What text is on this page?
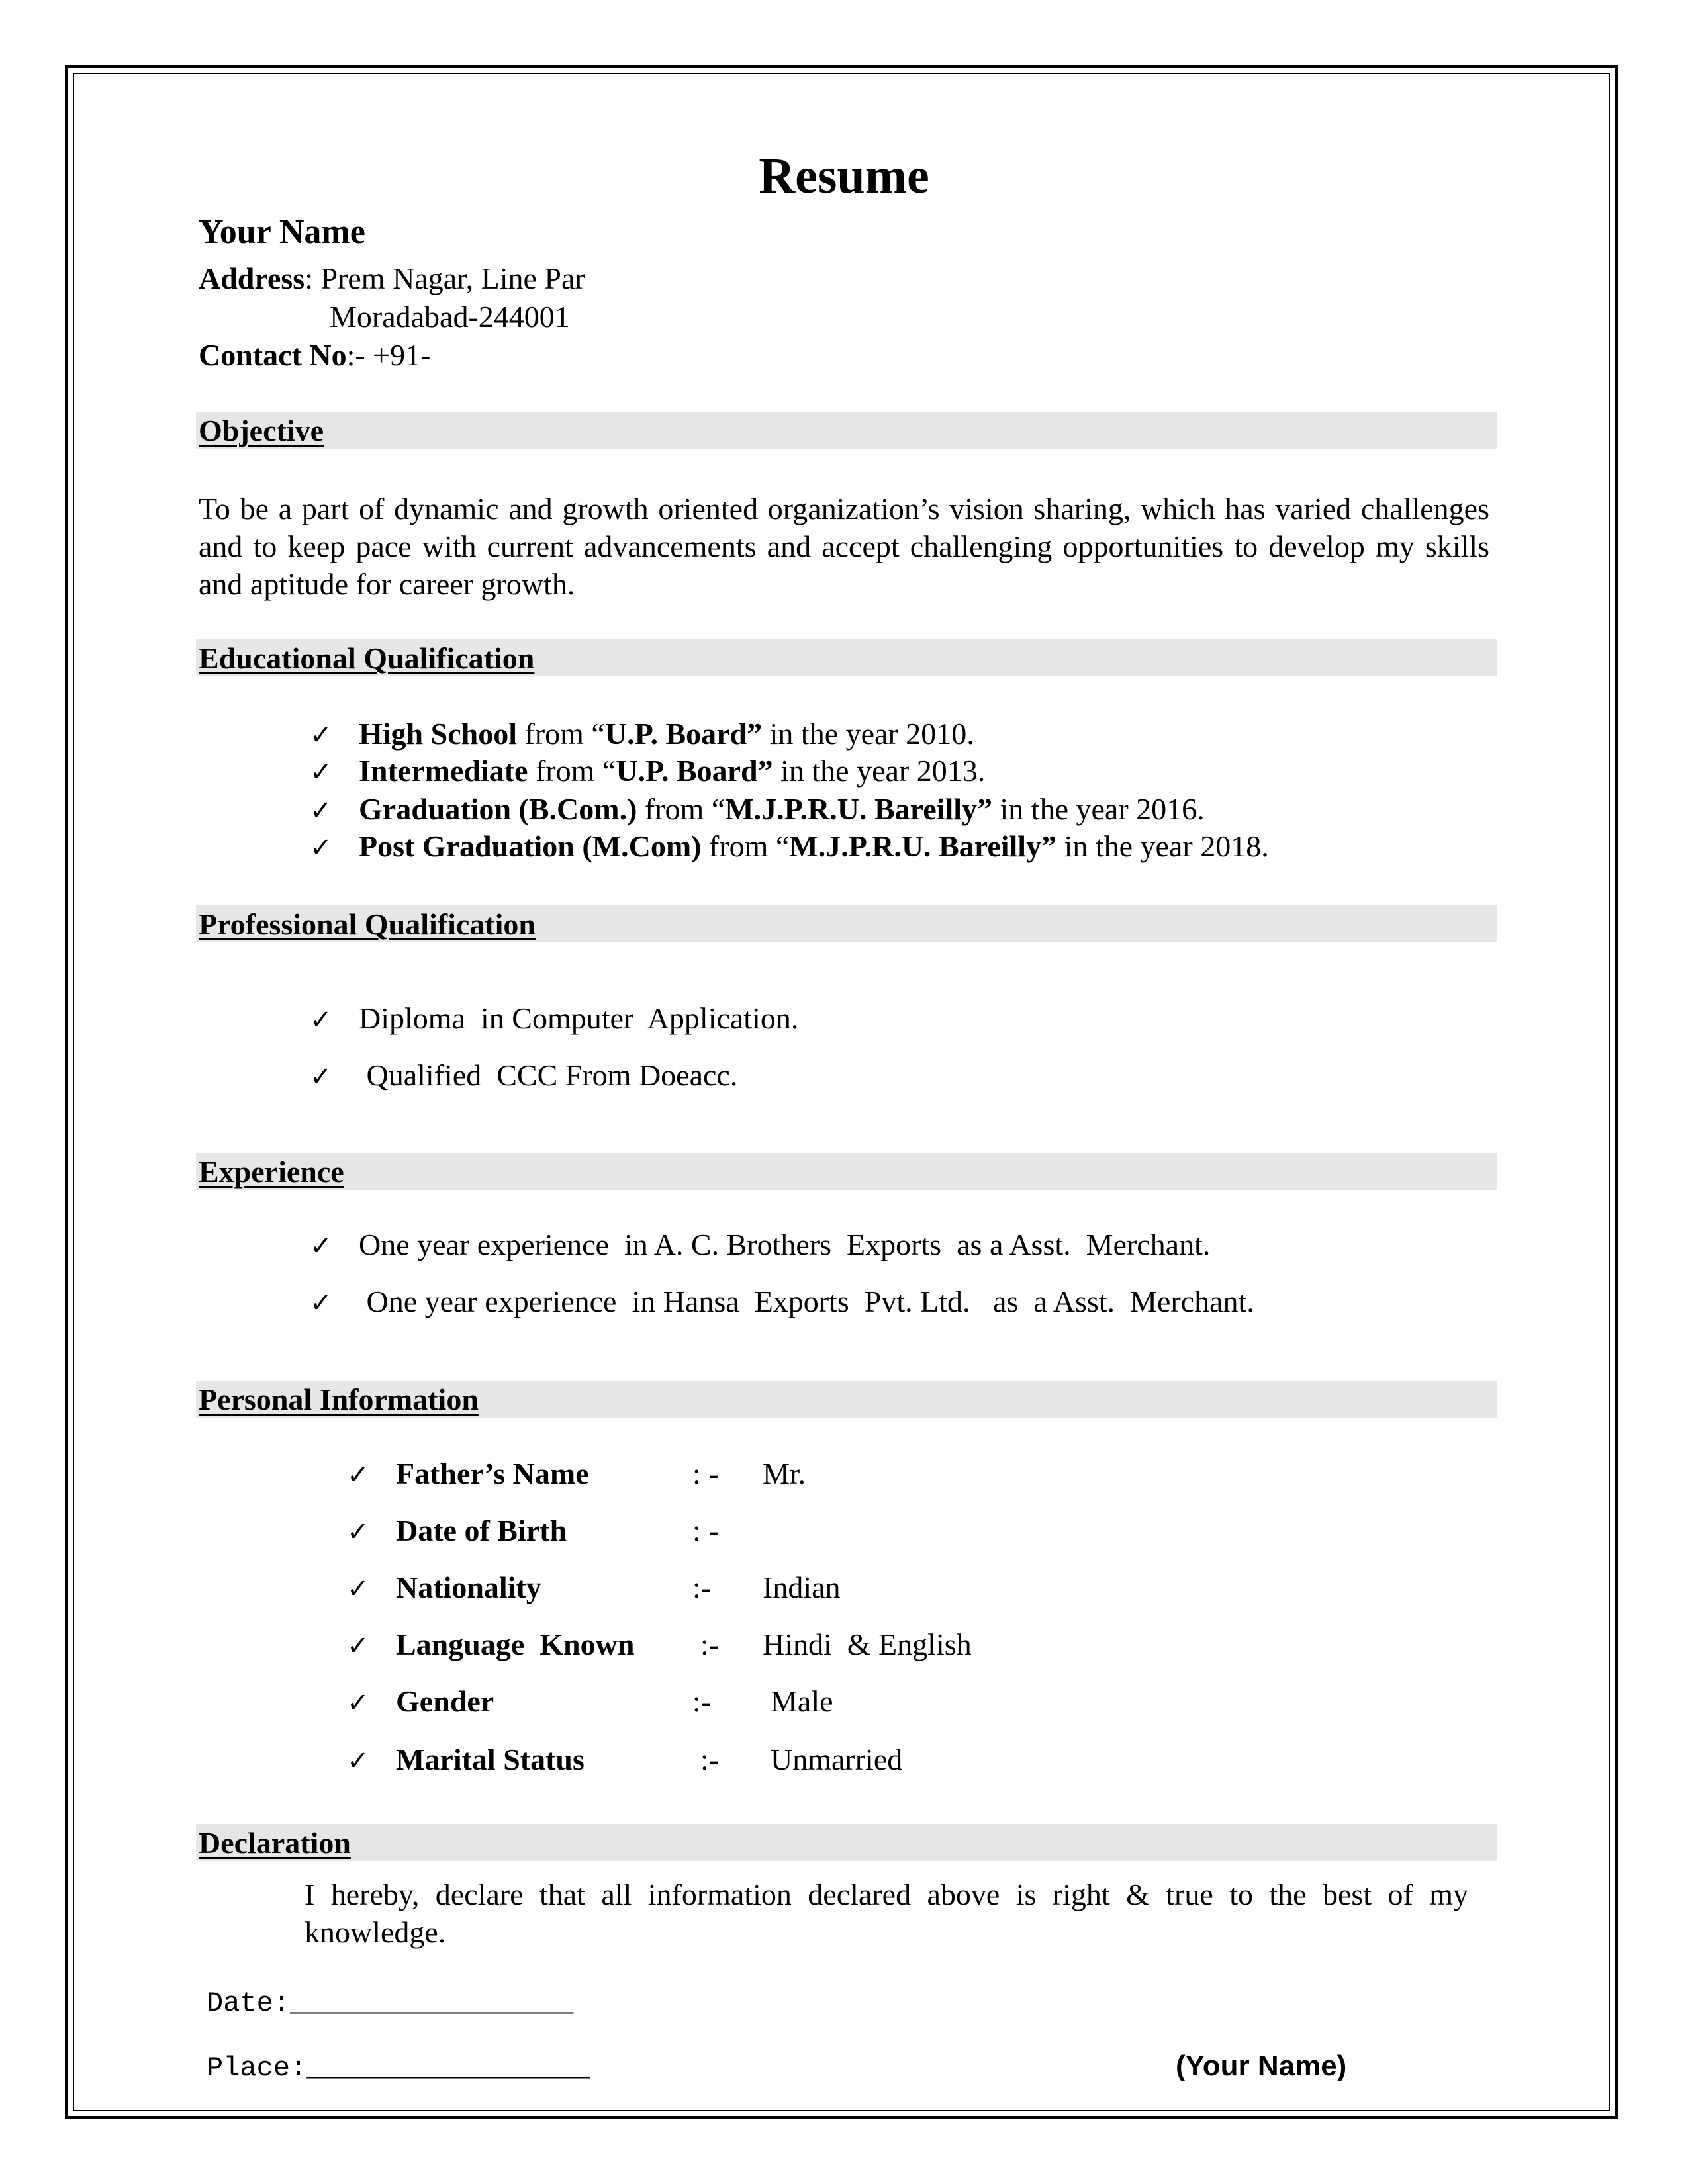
Resume
Your Name
Address: Prem Nagar, Line Par
Moradabad-244001
Contact No:- +91-
Objective
To be a part of dynamic and growth oriented organization’s vision sharing, which has varied challenges and to keep pace with current advancements and accept challenging opportunities to develop my skills and aptitude for career growth.
Educational Qualification
✓ High School from “U.P. Board” in the year 2010.
✓ Intermediate from “U.P. Board” in the year 2013.
✓ Graduation (B.Com.) from “M.J.P.R.U. Bareilly” in the year 2016.
✓ Post Graduation (M.Com) from “M.J.P.R.U. Bareilly” in the year 2018.
Professional Qualification
✓ Diploma  in Computer  Application.
✓ Qualified  CCC From Doeacc.
Experience
✓ One year experience  in A. C. Brothers  Exports  as a Asst.  Merchant.
✓ One year experience  in Hansa  Exports  Pvt. Ltd.   as  a Asst.  Merchant.
Personal Information
✓ Father’s Name	: - Mr.
✓ Date of Birth	: -
✓ Nationality	:- Indian
✓ Language  Known :- Hindi  & English
✓ Gender	:- Male
✓ Marital Status	:- Unmarried
Declaration
I hereby, declare that all information declared above is right & true to the best of my knowledge.
Date:_________________
Place:_________________	(Your Name)
